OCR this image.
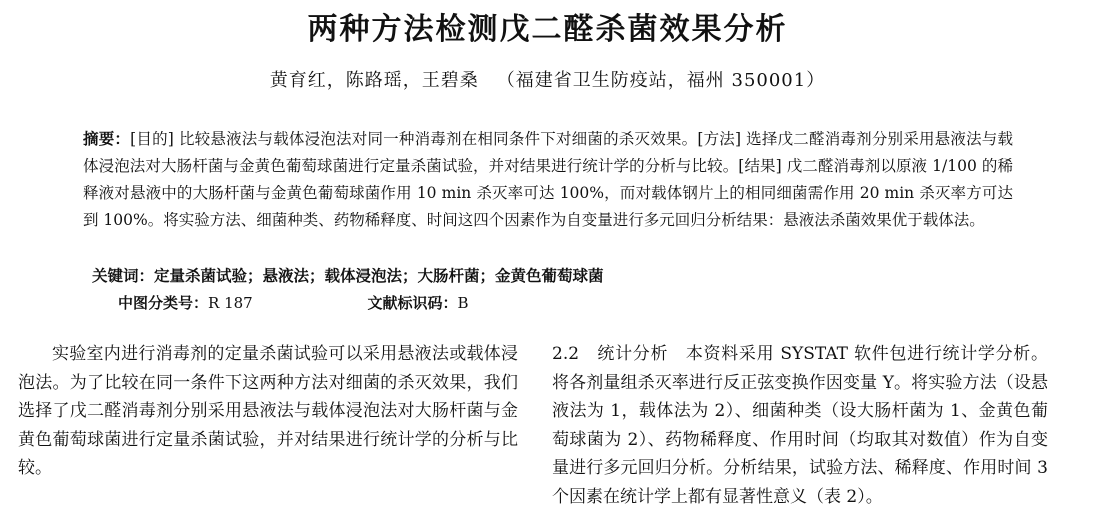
两种方法检测戊二醛杀菌效果分析
黄育红，陈路瑶，王碧桑 （福建省卫生防疫站，福州 350001）
摘要：[目的] 比较悬液法与载体浸泡法对同一种消毒剂在相同条件下对细菌的杀灭效果。[方法] 选择戊二醛消毒剂分别采用悬液法与载体浸泡法对大肠杆菌与金黄色葡萄球菌进行定量杀菌试验，并对结果进行统计学的分析与比较。[结果] 戊二醛消毒剂以原液 1/100 的稀释液对悬液中的大肠杆菌与金黄色葡萄球菌作用 10 min 杀灭率可达 100%，而对载体钢片上的相同细菌需作用 20 min 杀灭率方可达到 100%。将实验方法、细菌种类、药物稀释度、时间这四个因素作为自变量进行多元回归分析结果：悬液法杀菌效果优于载体法。
关键词：定量杀菌试验；悬液法；载体浸泡法；大肠杆菌；金黄色葡萄球菌
中图分类号：R 187	文献标识码：B

实验室内进行消毒剂的定量杀菌试验可以采用悬液法或载体浸泡法。为了比较在同一条件下这两种方法对细菌的杀灭效果，我们选择了戊二醛消毒剂分别采用悬液法与载体浸泡法对大肠杆菌与金黄色葡萄球菌进行定量杀菌试验，并对结果进行统计学的分析与比较。

2.2　统计分析　本资料采用 SYSTAT 软件包进行统计学分析。将各剂量组杀灭率进行反正弦变换作因变量 Y。将实验方法（设悬液法为 1，载体法为 2）、细菌种类（设大肠杆菌为 1、金黄色葡萄球菌为 2）、药物稀释度、作用时间（均取其对数值）作为自变量进行多元回归分析。分析结果，试验方法、稀释度、作用时间 3 个因素在统计学上都有显著性意义（表 2）。
